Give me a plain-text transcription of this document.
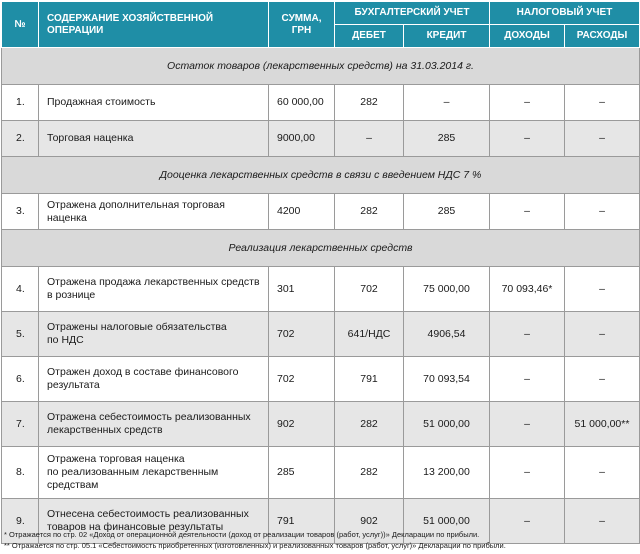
№	СОДЕРЖАНИЕ ХОЗЯЙСТВЕННОЙ ОПЕРАЦИИ	СУММА,
ГРН	БУХГАЛТЕРСКИЙ УЧЕТ		НАЛОГОВЫЙ УЧЕТ	
			ДЕБЕТ	КРЕДИТ	ДОХОДЫ	РАСХОДЫ
Остаток товаров (лекарственных средств) на 31.03.2014 г.						
1.	Продажная стоимость	60 000,00	282	–	–	–
2.	Торговая наценка	9000,00	–	285	–	–
Дооценка лекарственных средств в связи с введением НДС 7 %						
3.	Отражена дополнительная торговая наценка	4200	282	285	–	–
Реализация лекарственных средств						
4.	Отражена продажа лекарственных средств
в рознице	301	702	75 000,00	70 093,46*	–
5.	Отражены налоговые обязательства
по НДС	702	641/НДС	4906,54	–	–
6.	Отражен доход в составе финансового
результата	702	791	70 093,54	–	–
7.	Отражена себестоимость реализованных
лекарственных средств	902	282	51 000,00	–	51 000,00**
8.	Отражена торговая наценка
по реализованным лекарственным
средствам	285	282	13 200,00	–	–
9.	Отнесена себестоимость реализованных
товаров на финансовые результаты	791	902	51 000,00	–	–
* Отражается по стр. 02 «Доход от операционной деятельности (доход от реализации товаров (работ, услуг))» Декларации по прибыли.
** Отражается по стр. 05.1 «Себестоимость приобретенных (изготовленных) и реализованных товаров (работ, услуг)» Декларации по прибыли.
